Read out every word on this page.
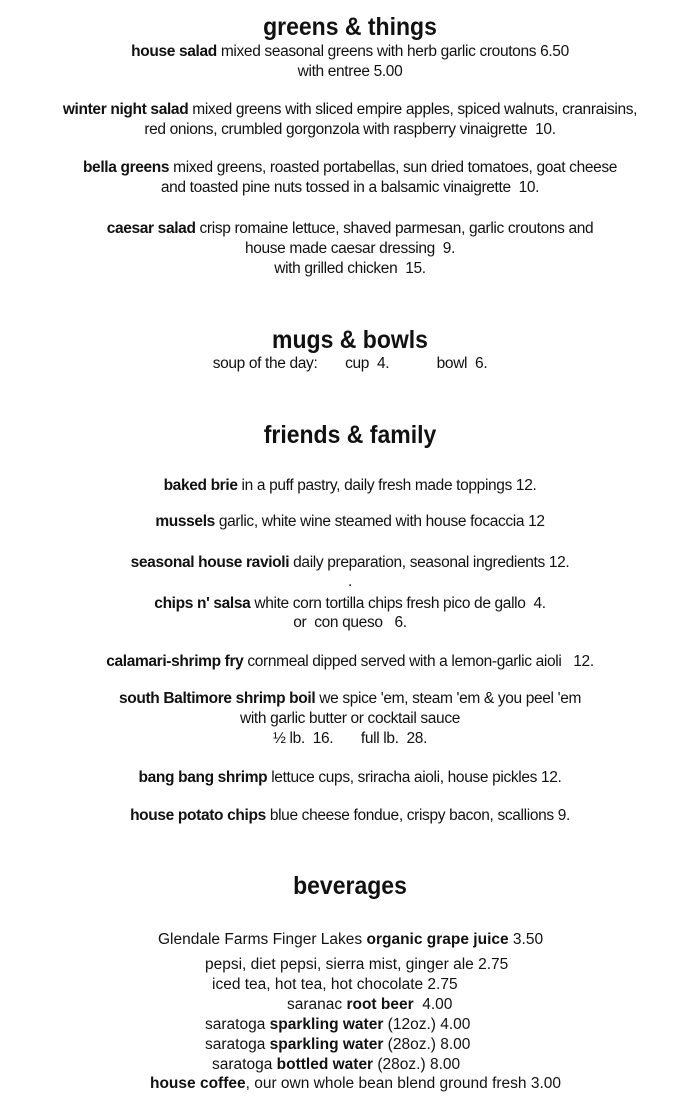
greens & things
house salad mixed seasonal greens with herb garlic croutons 6.50
with entree 5.00
winter night salad mixed greens with sliced empire apples, spiced walnuts, cranraisins,
red onions, crumbled gorgonzola with raspberry vinaigrette  10.
bella greens mixed greens, roasted portabellas, sun dried tomatoes, goat cheese
and toasted pine nuts tossed in a balsamic vinaigrette  10.
caesar salad crisp romaine lettuce, shaved parmesan, garlic croutons and
house made caesar dressing  9.
with grilled chicken  15.
mugs & bowls
soup of the day:       cup  4.            bowl  6.
friends & family
baked brie in a puff pastry, daily fresh made toppings 12.
mussels garlic, white wine steamed with house focaccia 12
seasonal house ravioli daily preparation, seasonal ingredients 12.
.
chips n' salsa white corn tortilla chips fresh pico de gallo  4.
or  con queso   6.
calamari-shrimp fry cornmeal dipped served with a lemon-garlic aioli   12.
south Baltimore shrimp boil we spice 'em, steam 'em & you peel 'em
with garlic butter or cocktail sauce
½ lb.  16.       full lb.  28.
bang bang shrimp lettuce cups, sriracha aioli, house pickles 12.
house potato chips blue cheese fondue, crispy bacon, scallions 9.
beverages
Glendale Farms Finger Lakes organic grape juice 3.50
pepsi, diet pepsi, sierra mist, ginger ale 2.75
iced tea, hot tea, hot chocolate 2.75
saranac root beer  4.00
saratoga sparkling water (12oz.) 4.00
saratoga sparkling water (28oz.) 8.00
saratoga bottled water (28oz.) 8.00
house coffee, our own whole bean blend ground fresh 3.00
